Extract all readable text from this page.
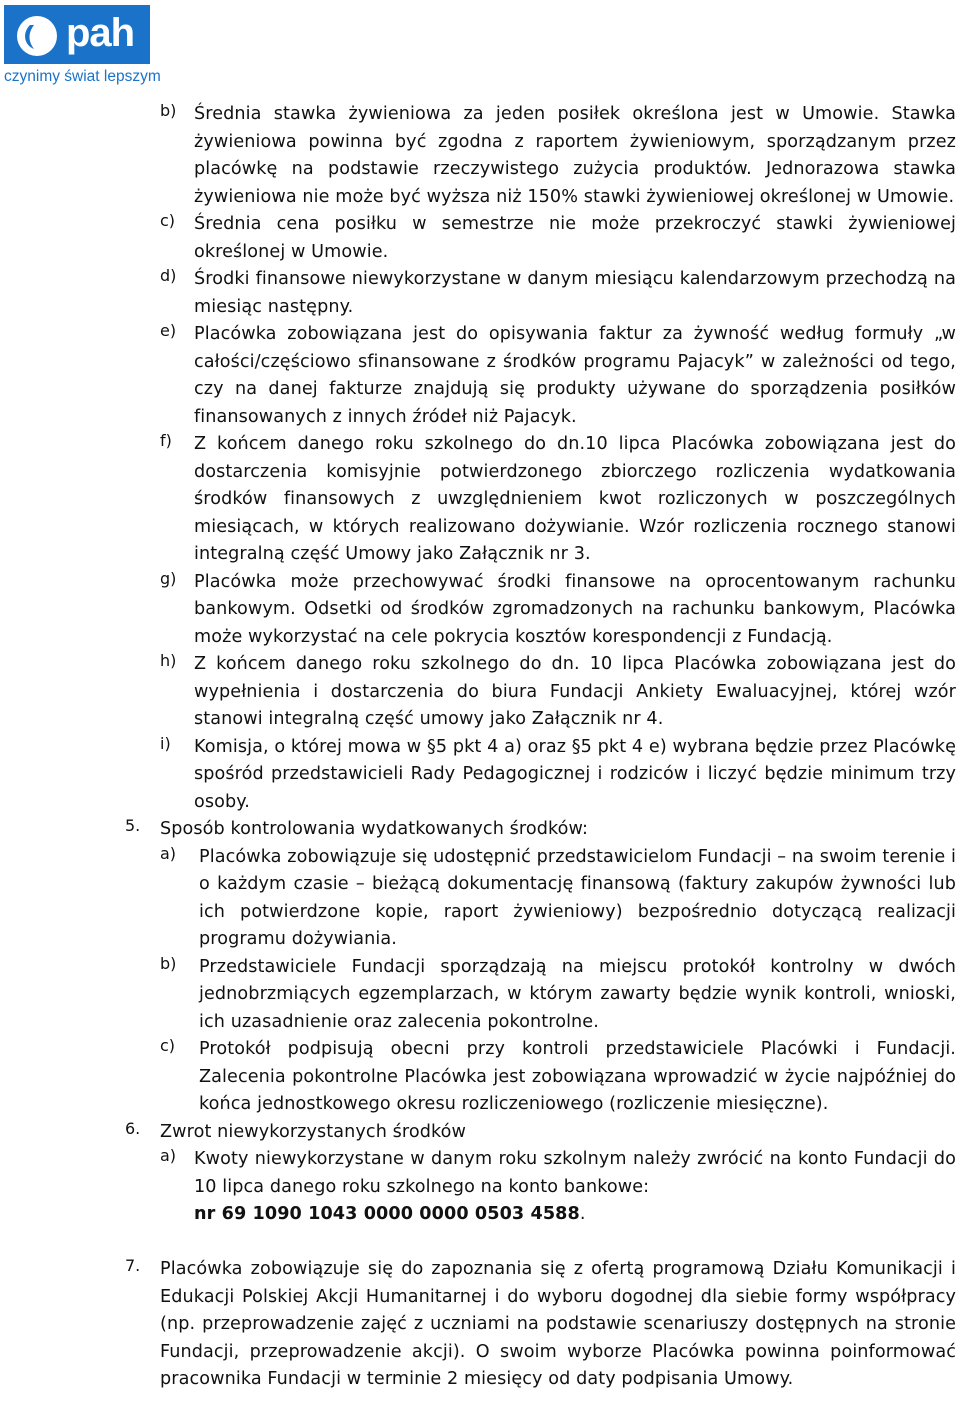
pah
czynimy świat lepszym
b) Średnia stawka żywieniowa za jeden posiłek określona jest w Umowie. Stawka żywieniowa powinna być zgodna z raportem żywieniowym, sporządzanym przez placówkę na podstawie rzeczywistego zużycia produktów. Jednorazowa stawka żywieniowa nie może być wyższa niż 150% stawki żywieniowej określonej w Umowie.
c) Średnia cena posiłku w semestrze nie może przekroczyć stawki żywieniowej określonej w Umowie.
d) Środki finansowe niewykorzystane w danym miesiącu kalendarzowym przechodzą na miesiąc następny.
e) Placówka zobowiązana jest do opisywania faktur za żywność według formuły „w całości/częściowo sfinansowane z środków programu Pajacyk” w zależności od tego, czy na danej fakturze znajdują się produkty używane do sporządzenia posiłków finansowanych z innych źródeł niż Pajacyk.
f) Z końcem danego roku szkolnego do dn.10 lipca Placówka zobowiązana jest do dostarczenia komisyjnie potwierdzonego zbiorczego rozliczenia wydatkowania środków finansowych z uwzględnieniem kwot rozliczonych w poszczególnych miesiącach, w których realizowano dożywianie. Wzór rozliczenia rocznego stanowi integralną część Umowy jako Załącznik nr 3.
g) Placówka może przechowywać środki finansowe na oprocentowanym rachunku bankowym. Odsetki od środków zgromadzonych na rachunku bankowym, Placówka może wykorzystać na cele pokrycia kosztów korespondencji z Fundacją.
h) Z końcem danego roku szkolnego do dn. 10 lipca Placówka zobowiązana jest do wypełnienia i dostarczenia do biura Fundacji Ankiety Ewaluacyjnej, której wzór stanowi integralną część umowy jako Załącznik nr 4.
i) Komisja, o której mowa w §5 pkt 4 a) oraz §5 pkt 4 e) wybrana będzie przez Placówkę spośród przedstawicieli Rady Pedagogicznej i rodziców i liczyć będzie minimum trzy osoby.
5. Sposób kontrolowania wydatkowanych środków:
a) Placówka zobowiązuje się udostępnić przedstawicielom Fundacji – na swoim terenie i o każdym czasie – bieżącą dokumentację finansową (faktury zakupów żywności lub ich potwierdzone kopie, raport żywieniowy) bezpośrednio dotyczącą realizacji programu dożywiania.
b) Przedstawiciele Fundacji sporządzają na miejscu protokół kontrolny w dwóch jednobrzmiących egzemplarzach, w którym zawarty będzie wynik kontroli, wnioski, ich uzasadnienie oraz zalecenia pokontrolne.
c) Protokół podpisują obecni przy kontroli przedstawiciele Placówki i Fundacji. Zalecenia pokontrolne Placówka jest zobowiązana wprowadzić w życie najpóźniej do końca jednostkowego okresu rozliczeniowego (rozliczenie miesięczne).
6. Zwrot niewykorzystanych środków
a) Kwoty niewykorzystane w danym roku szkolnym należy zwrócić na konto Fundacji do 10 lipca danego roku szkolnego na konto bankowe:
nr 69 1090 1043 0000 0000 0503 4588.
7. Placówka zobowiązuje się do zapoznania się z ofertą programową Działu Komunikacji i Edukacji Polskiej Akcji Humanitarnej i do wyboru dogodnej dla siebie formy współpracy (np. przeprowadzenie zajęć z uczniami na podstawie scenariuszy dostępnych na stronie Fundacji, przeprowadzenie akcji). O swoim wyborze Placówka powinna poinformować pracownika Fundacji w terminie 2 miesięcy od daty podpisania Umowy.
